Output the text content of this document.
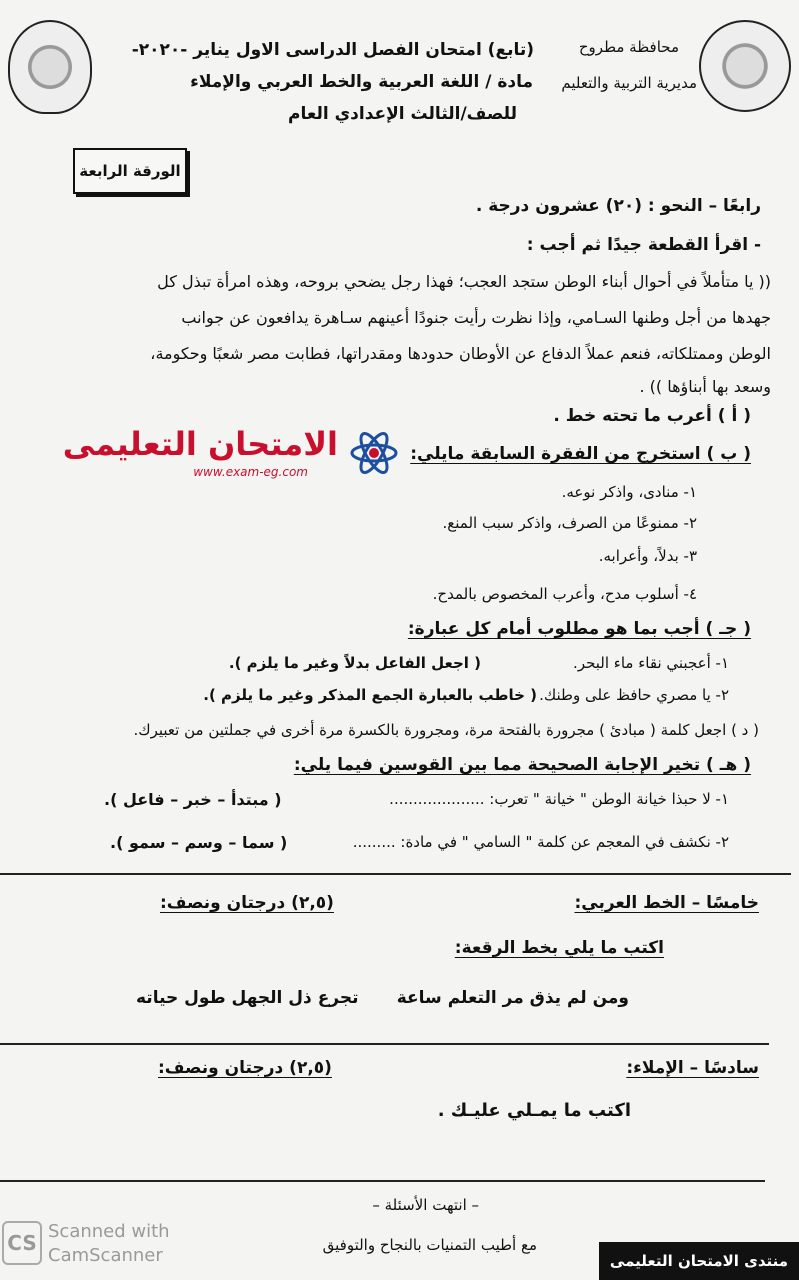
محافظة مطروح
مديرية التربية والتعليم
(تابع) امتحان الفصل الدراسى الاول يناير -٢٠٢٠-
مادة / اللغة العربية والخط العربي والإملاء
للصف/الثالث الإعدادي العام
الورقة الرابعة
رابعًا – النحو : (٢٠) عشرون درجة .
- اقرأ القطعة جيدًا ثم أجب :
(( يا متأملاً في أحوال أبناء الوطن ستجد العجب؛ فهذا رجل يضحي بروحه، وهذه امرأة تبذل كل
جهدها من أجل وطنها السـامي، وإذا نظرت رأيت جنودًا أعينهم سـاهرة يدافعون عن جوانب
الوطن وممتلكاته، فنعم عملاً الدفاع عن الأوطان حدودها ومقدراتها، فطابت مصر شعبًا وحكومة،
وسعد بها أبناؤها )) .
( أ ) أعرب ما تحته خط .
الامتحان التعليمى
www.exam-eg.com
( ب ) استخرج من الفقرة السابقة مايلي:
١- منادى، واذكر نوعه.
٢- ممنوعًا من الصرف، واذكر سبب المنع.
٣- بدلاً، وأعرابه.
٤- أسلوب مدح، وأعرب المخصوص بالمدح.
( جـ ) أجب بما هو مطلوب أمام كل عبارة:
١- أعجبني نقاء ماء البحر.
( اجعل الفاعل بدلاً وغير ما يلزم ).
٢- يا مصري حافظ على وطنك.
( خاطب بالعبارة الجمع المذكر وغير ما يلزم ).
( د ) اجعل كلمة ( مبادئ ) مجرورة بالفتحة مرة، ومجرورة بالكسرة مرة أخرى في جملتين من تعبيرك.
( هـ ) تخير الإجابة الصحيحة مما بين القوسين فيما يلي:
١- لا حبذا خيانة الوطن " خيانة " تعرب: ....................
( مبتدأ – خبر – فاعل ).
٢- نكشف في المعجم عن كلمة " السامي " في مادة: .........
( سما – وسم – سمو ).
خامسًا – الخط العربي:
(٢,٥) درجتان ونصف:
اكتب ما يلي بخط الرقعة:
ومن لم يذق مر التعلم ساعة
تجرع ذل الجهل طول حياته
سادسًا – الإملاء:
(٢,٥) درجتان ونصف:
اكتب ما يمـلي عليـك .
– انتهت الأسئلة –
مع أطيب التمنيات بالنجاح والتوفيق
CS Scanned with
CamScanner	منتدى الامتحان التعليمى
